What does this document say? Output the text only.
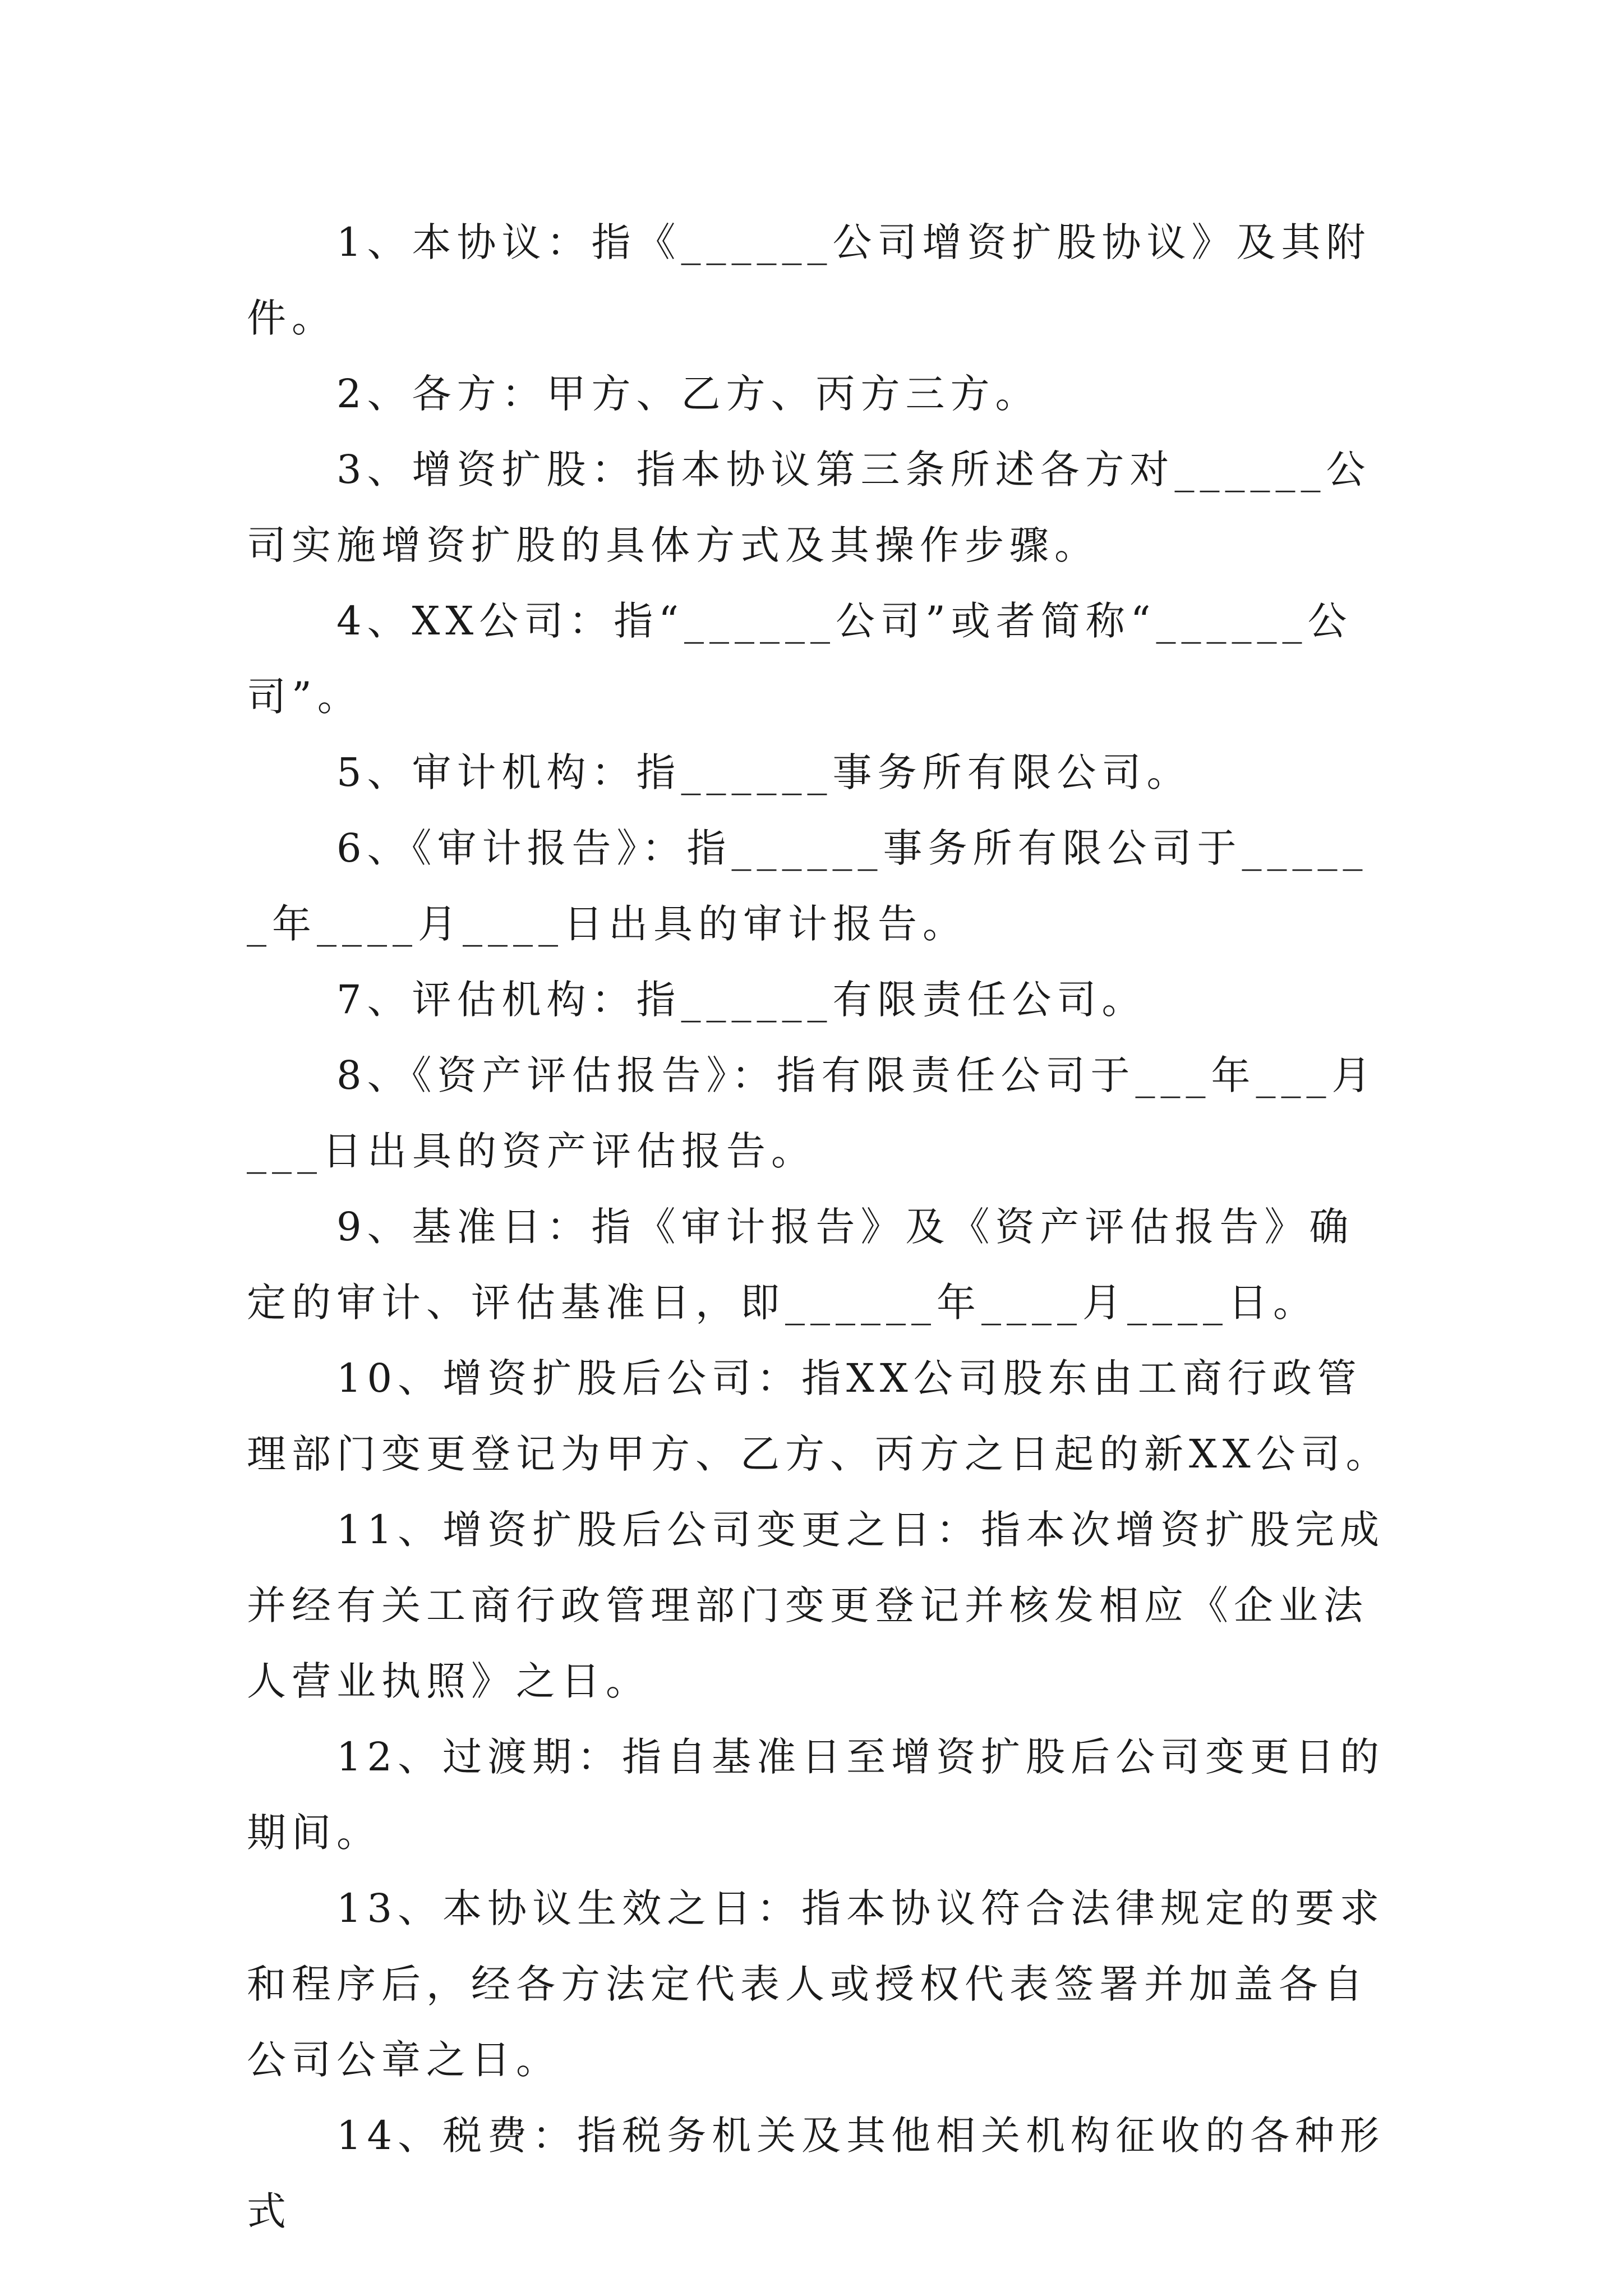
1、本协议：指《______公司增资扩股协议》及其附件。

2、各方：甲方、乙方、丙方三方。

3、增资扩股：指本协议第三条所述各方对______公司实施增资扩股的具体方式及其操作步骤。

4、XX公司：指“______公司”或者简称“______公司”。

5、审计机构：指______事务所有限公司。

6、《审计报告》：指______事务所有限公司于______年____月____日出具的审计报告。

7、评估机构：指______有限责任公司。

8、《资产评估报告》：指有限责任公司于___年___月___日出具的资产评估报告。

9、基准日：指《审计报告》及《资产评估报告》确定的审计、评估基准日，即______年____月____日。

10、增资扩股后公司：指XX公司股东由工商行政管理部门变更登记为甲方、乙方、丙方之日起的新XX公司。

11、增资扩股后公司变更之日：指本次增资扩股完成并经有关工商行政管理部门变更登记并核发相应《企业法人营业执照》之日。

12、过渡期：指自基准日至增资扩股后公司变更日的期间。

13、本协议生效之日：指本协议符合法律规定的要求和程序后，经各方法定代表人或授权代表签署并加盖各自公司公章之日。

14、税费：指税务机关及其他相关机构征收的各种形式
